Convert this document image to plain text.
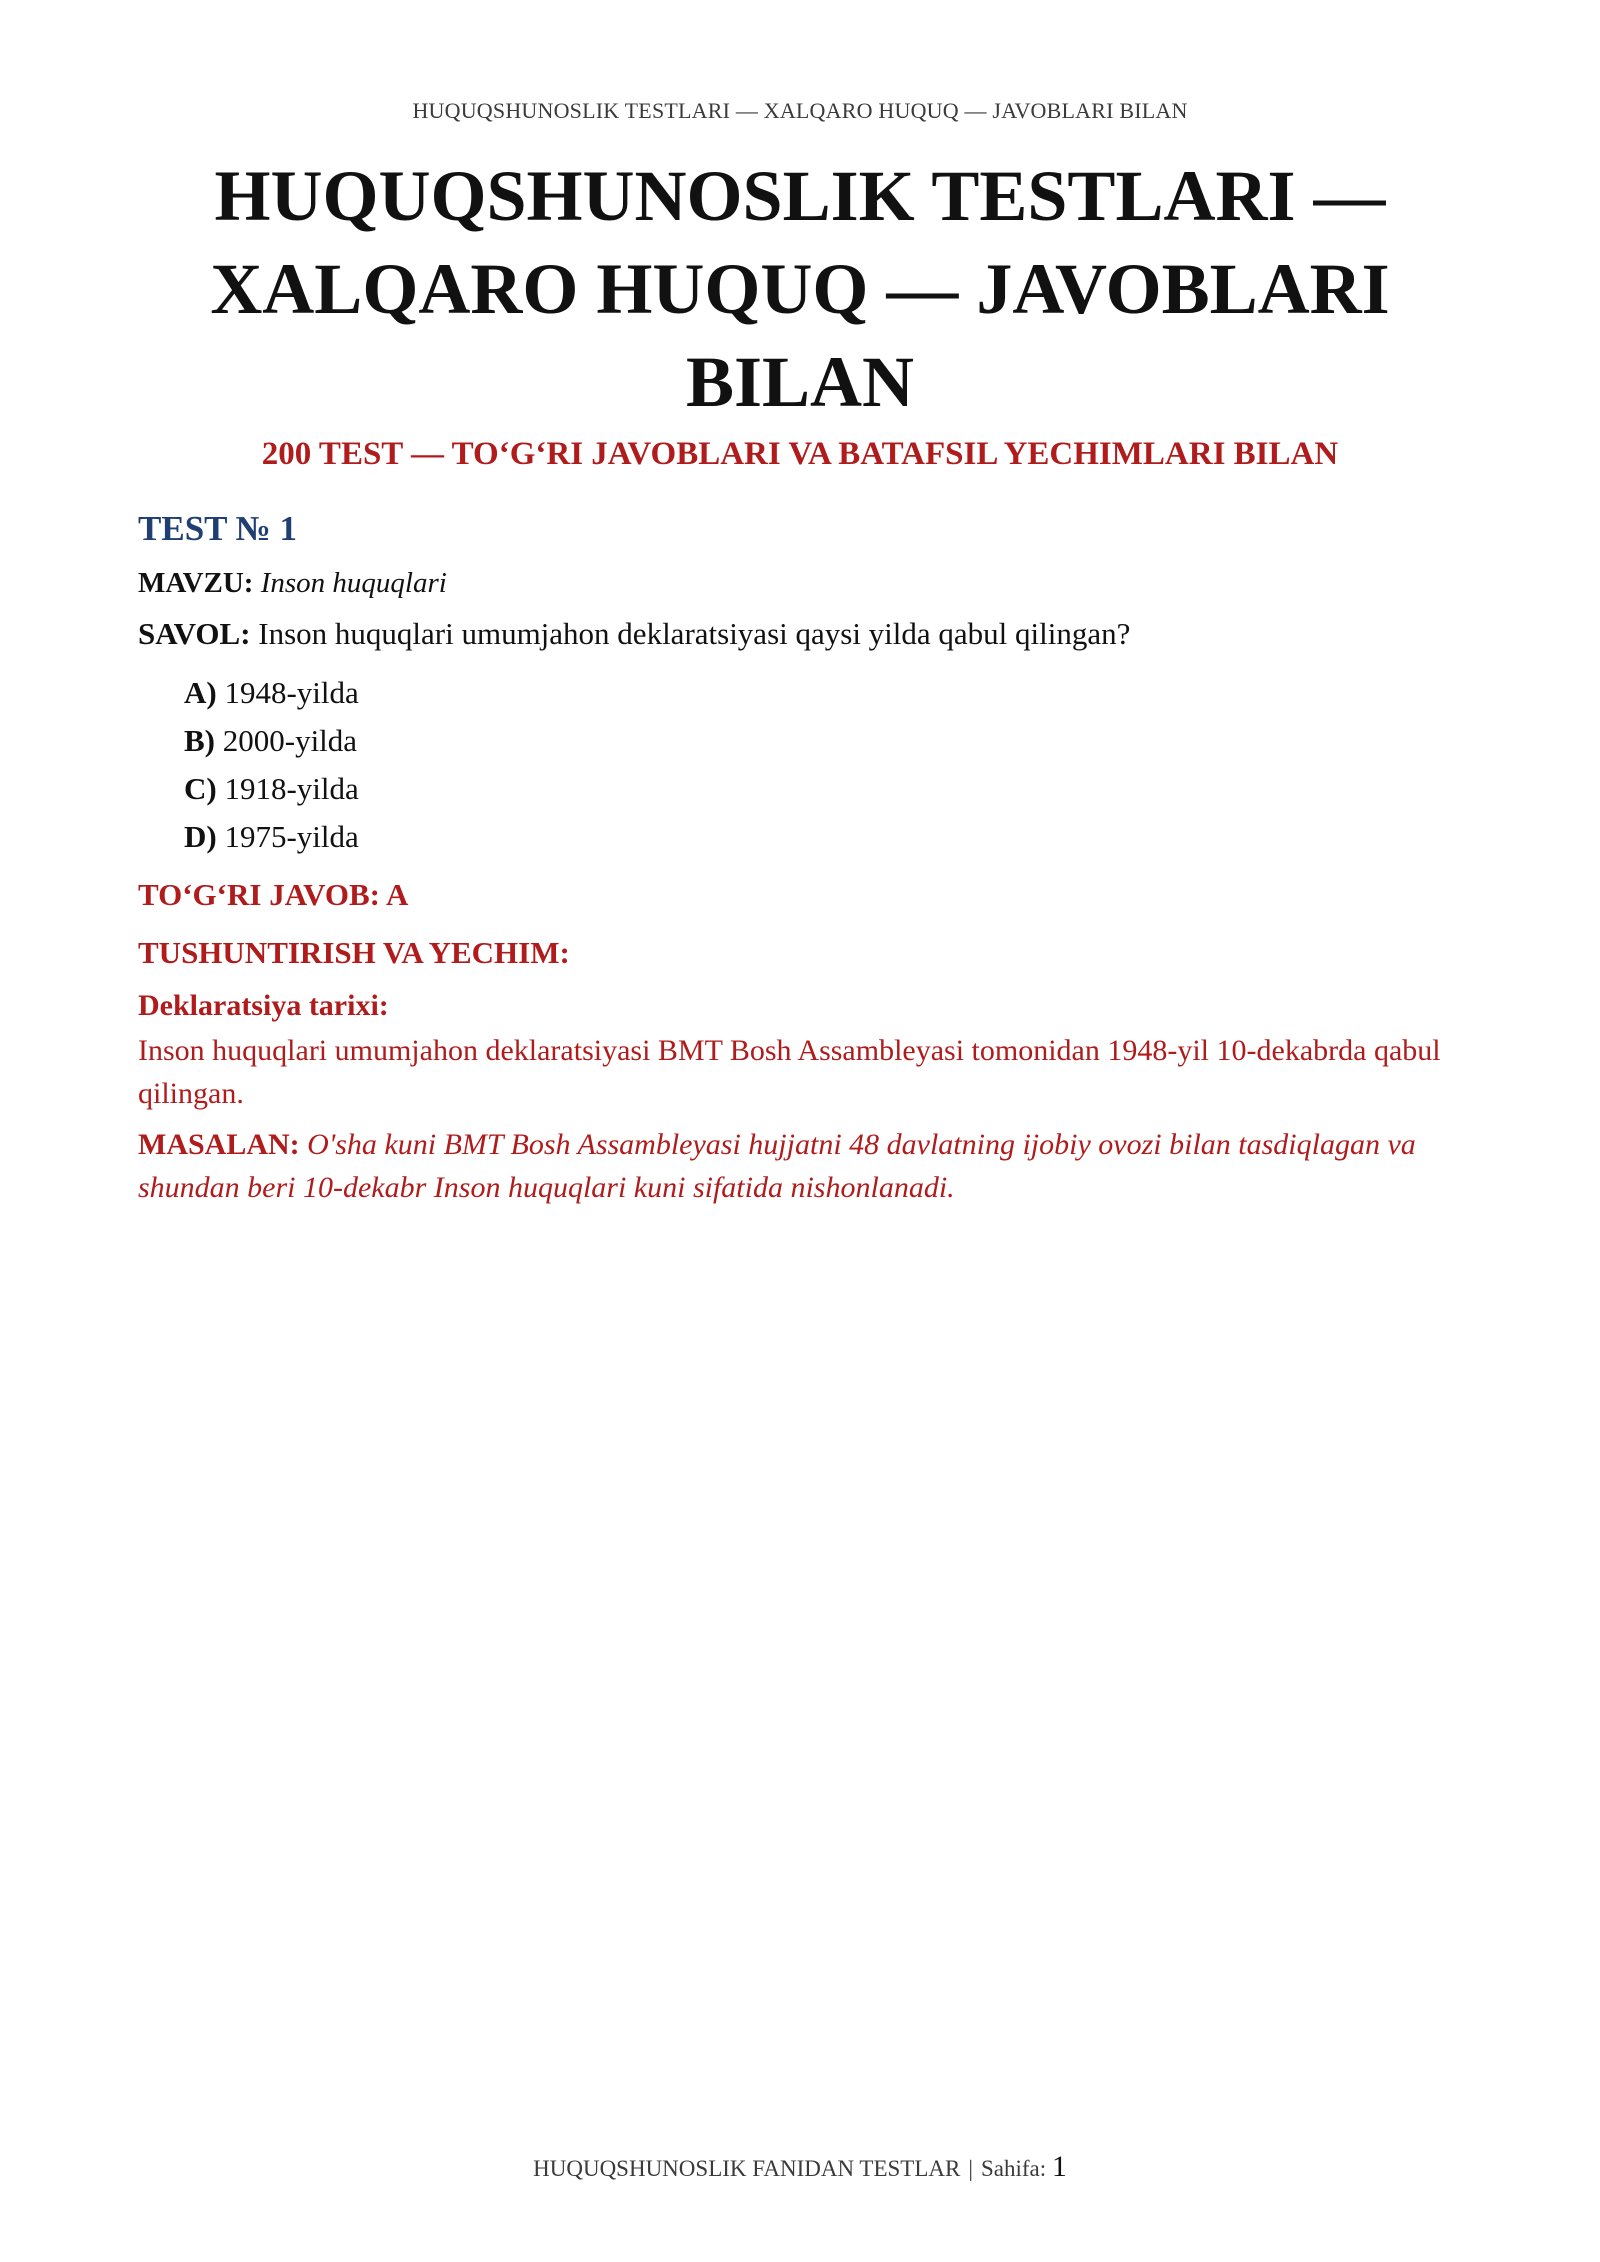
HUQUQSHUNOSLIK TESTLARI — XALQARO HUQUQ — JAVOBLARI BILAN
HUQUQSHUNOSLIK TESTLARI — XALQARO HUQUQ — JAVOBLARI BILAN
200 TEST — TO‘G‘RI JAVOBLARI VA BATAFSIL YECHIMLARI BILAN
TEST № 1
MAVZU: Inson huquqlari
SAVOL: Inson huquqlari umumjahon deklaratsiyasi qaysi yilda qabul qilingan?
A) 1948-yilda
B) 2000-yilda
C) 1918-yilda
D) 1975-yilda
TO‘G‘RI JAVOB: A
TUSHUNTIRISH VA YECHIM:
Deklaratsiya tarixi:
Inson huquqlari umumjahon deklaratsiyasi BMT Bosh Assambleyasi tomonidan 1948-yil 10-dekabrda qabul qilingan.
MASALAN: O'sha kuni BMT Bosh Assambleyasi hujjatni 48 davlatning ijobiy ovozi bilan tasdiqlagan va shundan beri 10-dekabr Inson huquqlari kuni sifatida nishonlanadi.
HUQUQSHUNOSLIK FANIDAN TESTLAR | Sahifa: 1
